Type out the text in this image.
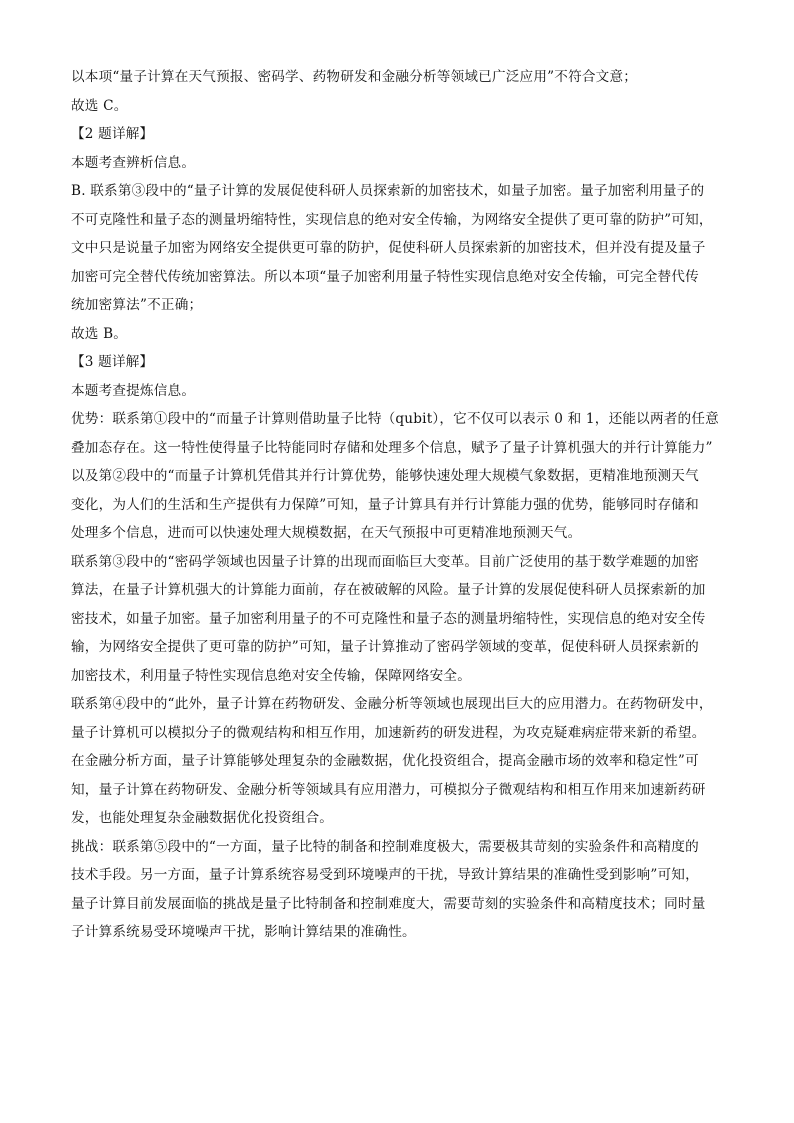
以本项“量子计算在天气预报、密码学、药物研发和金融分析等领域已广泛应用”不符合文意；
故选 C。
【2 题详解】
本题考查辨析信息。
B. 联系第③段中的“量子计算的发展促使科研人员探索新的加密技术，如量子加密。量子加密利用量子的
不可克隆性和量子态的测量坍缩特性，实现信息的绝对安全传输，为网络安全提供了更可靠的防护”可知，
文中只是说量子加密为网络安全提供更可靠的防护，促使科研人员探索新的加密技术，但并没有提及量子
加密可完全替代传统加密算法。所以本项“量子加密利用量子特性实现信息绝对安全传输，可完全替代传
统加密算法”不正确；
故选 B。
【3 题详解】
本题考查提炼信息。
优势：联系第①段中的“而量子计算则借助量子比特（qubit），它不仅可以表示 0 和 1，还能以两者的任意
叠加态存在。这一特性使得量子比特能同时存储和处理多个信息，赋予了量子计算机强大的并行计算能力”
以及第②段中的“而量子计算机凭借其并行计算优势，能够快速处理大规模气象数据，更精准地预测天气
变化，为人们的生活和生产提供有力保障”可知，量子计算具有并行计算能力强的优势，能够同时存储和
处理多个信息，进而可以快速处理大规模数据，在天气预报中可更精准地预测天气。
联系第③段中的“密码学领域也因量子计算的出现而面临巨大变革。目前广泛使用的基于数学难题的加密
算法，在量子计算机强大的计算能力面前，存在被破解的风险。量子计算的发展促使科研人员探索新的加
密技术，如量子加密。量子加密利用量子的不可克隆性和量子态的测量坍缩特性，实现信息的绝对安全传
输，为网络安全提供了更可靠的防护”可知，量子计算推动了密码学领域的变革，促使科研人员探索新的
加密技术，利用量子特性实现信息绝对安全传输，保障网络安全。
联系第④段中的“此外，量子计算在药物研发、金融分析等领域也展现出巨大的应用潜力。在药物研发中，
量子计算机可以模拟分子的微观结构和相互作用，加速新药的研发进程，为攻克疑难病症带来新的希望。
在金融分析方面，量子计算能够处理复杂的金融数据，优化投资组合，提高金融市场的效率和稳定性”可
知，量子计算在药物研发、金融分析等领域具有应用潜力，可模拟分子微观结构和相互作用来加速新药研
发，也能处理复杂金融数据优化投资组合。
挑战：联系第⑤段中的“一方面，量子比特的制备和控制难度极大，需要极其苛刻的实验条件和高精度的
技术手段。另一方面，量子计算系统容易受到环境噪声的干扰，导致计算结果的准确性受到影响”可知，
量子计算目前发展面临的挑战是量子比特制备和控制难度大，需要苛刻的实验条件和高精度技术；同时量
子计算系统易受环境噪声干扰，影响计算结果的准确性。
